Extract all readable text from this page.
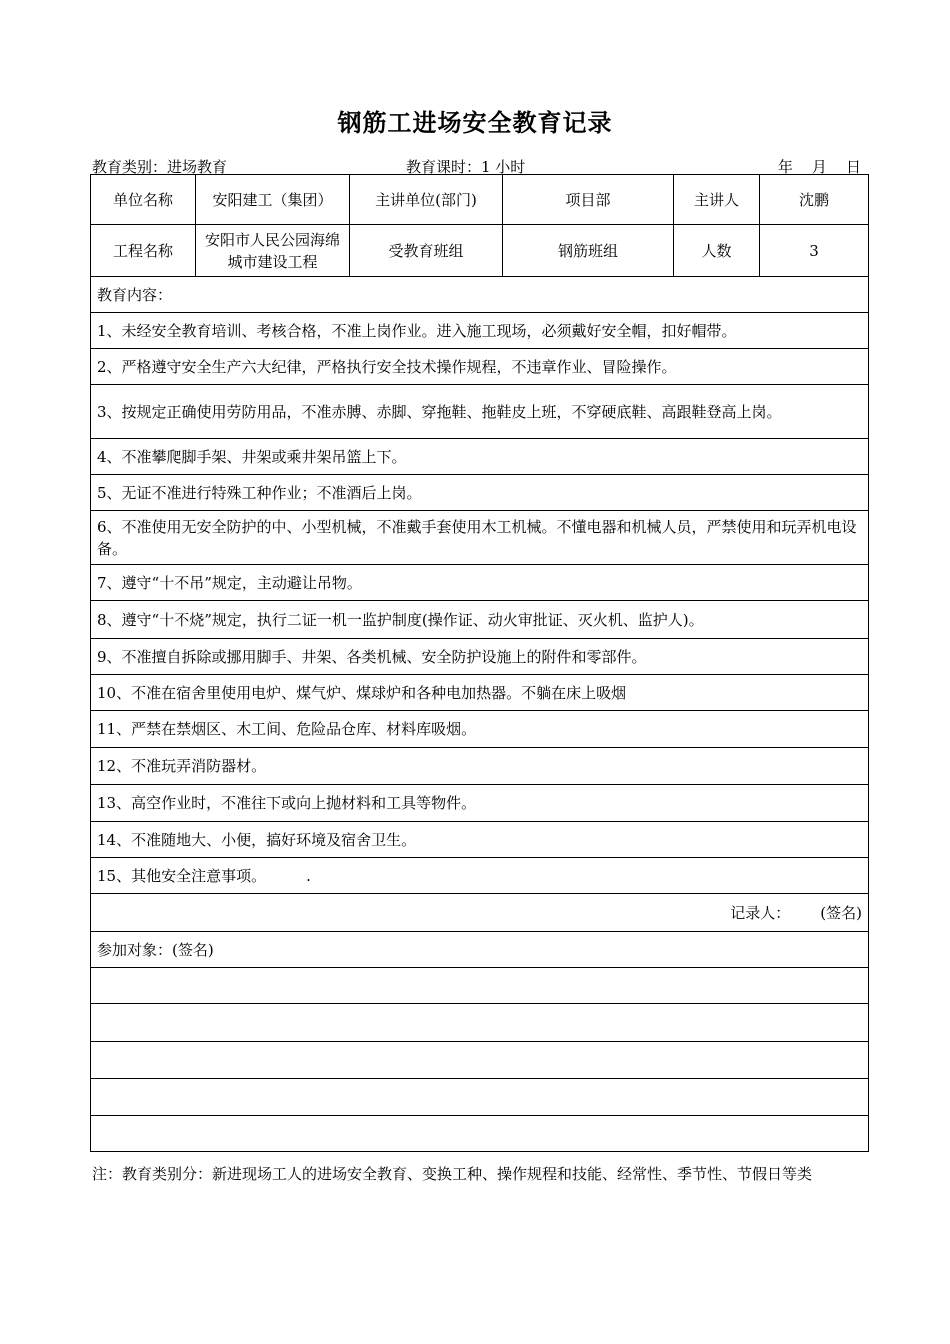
钢筋工进场安全教育记录
教育类别：进场教育	教育课时：1 小时	年    月    日
单位名称	安阳建工（集团）	主讲单位(部门)	项目部	主讲人	沈鹏
工程名称	安阳市人民公园海绵城市建设工程	受教育班组	钢筋班组	人数	3
教育内容：					
1、未经安全教育培训、考核合格，不准上岗作业。进入施工现场，必须戴好安全帽，扣好帽带。					
2、严格遵守安全生产六大纪律，严格执行安全技术操作规程，不违章作业、冒险操作。					
3、按规定正确使用劳防用品，不准赤膊、赤脚、穿拖鞋、拖鞋皮上班，不穿硬底鞋、高跟鞋登高上岗。					
4、不准攀爬脚手架、井架或乘井架吊篮上下。					
5、无证不准进行特殊工种作业；不准酒后上岗。					
6、不准使用无安全防护的中、小型机械，不准戴手套使用木工机械。不懂电器和机械人员，严禁使用和玩弄机电设备。					
7、遵守“十不吊”规定，主动避让吊物。					
8、遵守“十不烧”规定，执行二证一机一监护制度(操作证、动火审批证、灭火机、监护人)。					
9、不准擅自拆除或挪用脚手、井架、各类机械、安全防护设施上的附件和零部件。					
10、不准在宿舍里使用电炉、煤气炉、煤球炉和各种电加热器。不躺在床上吸烟					
11、严禁在禁烟区、木工间、危险品仓库、材料库吸烟。					
12、不准玩弄消防器材。					
13、高空作业时，不准往下或向上抛材料和工具等物件。					
14、不准随地大、小便，搞好环境及宿舍卫生。					
15、其他安全注意事项。 .					
记录人： (签名)					
参加对象：(签名)					

注：教育类别分：新进现场工人的进场安全教育、变换工种、操作规程和技能、经常性、季节性、节假日等类
